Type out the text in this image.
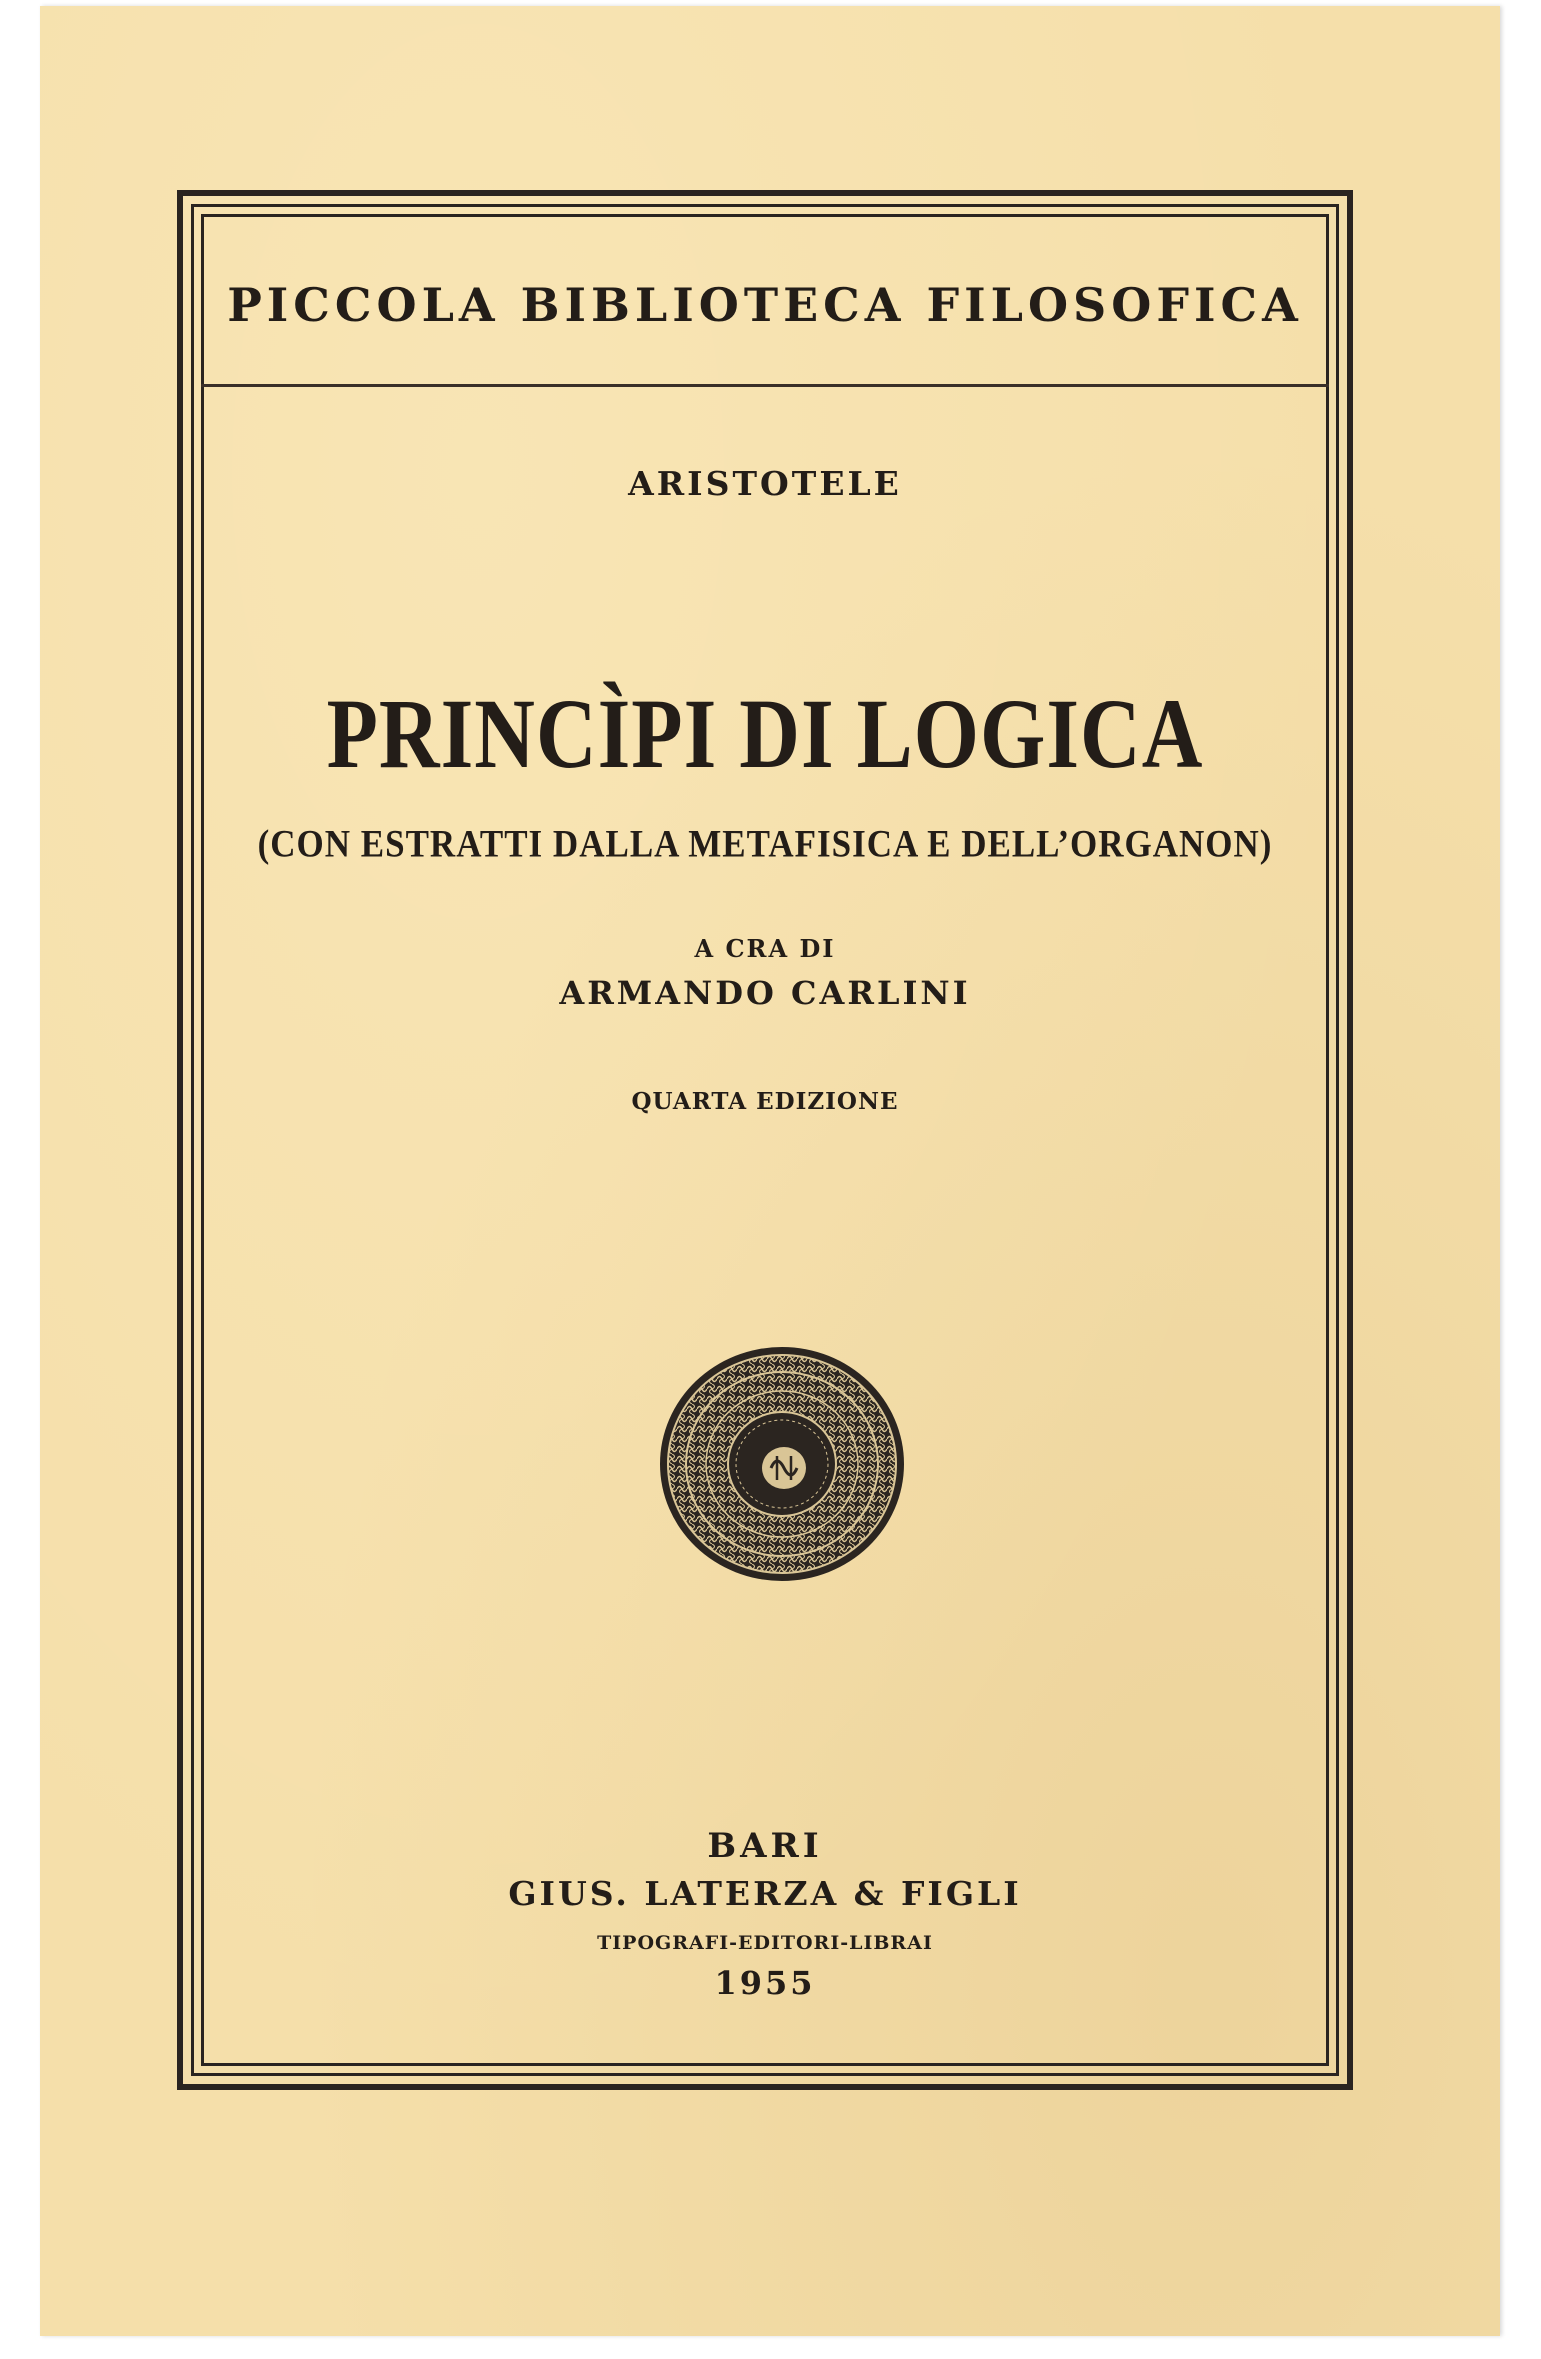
PICCOLA BIBLIOTECA FILOSOFICA
ARISTOTELE
PRINCÌPI DI LOGICA
(CON ESTRATTI DALLA METAFISICA E DELL’ORGANON)
A CRA DI
ARMANDO CARLINI
QUARTA EDIZIONE
BARI
GIUS. LATERZA & FIGLI
TIPOGRAFI-EDITORI-LIBRAI
1955
